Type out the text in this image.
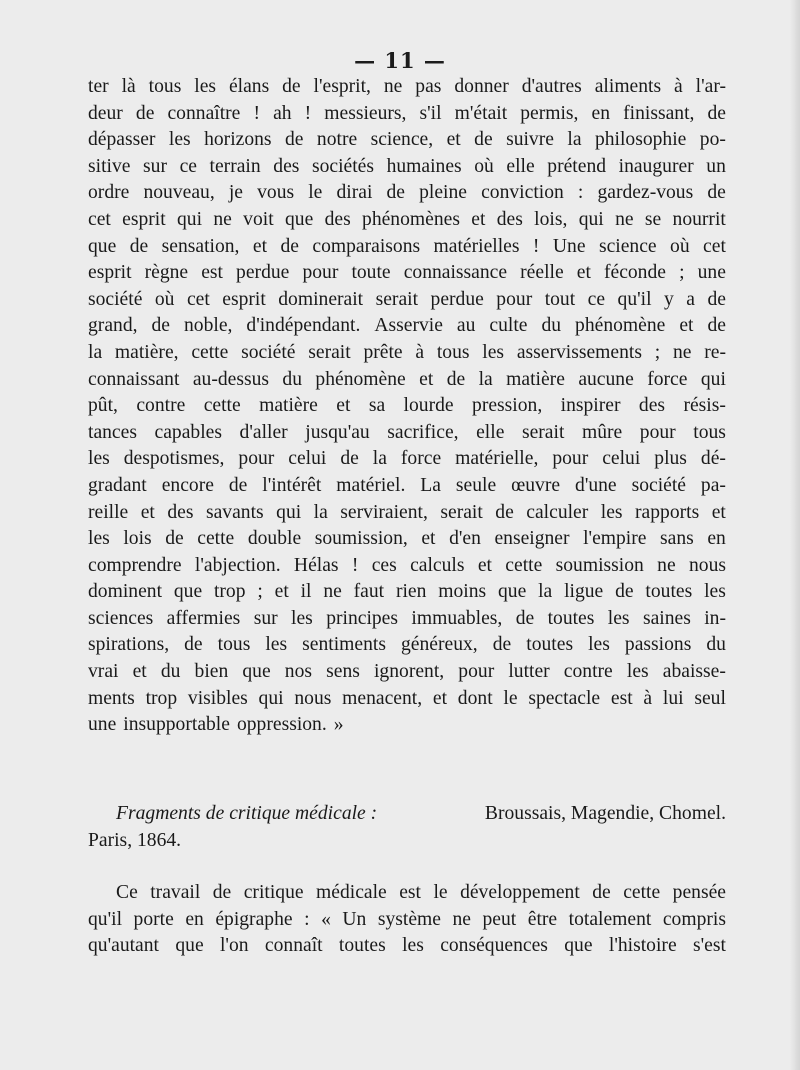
— 11 —
ter là tous les élans de l'esprit, ne pas donner d'autres aliments à l'ar-
deur de connaître ! ah ! messieurs, s'il m'était permis, en finissant, de
dépasser les horizons de notre science, et de suivre la philosophie po-
sitive sur ce terrain des sociétés humaines où elle prétend inaugurer un
ordre nouveau, je vous le dirai de pleine conviction : gardez-vous de
cet esprit qui ne voit que des phénomènes et des lois, qui ne se nourrit
que de sensation, et de comparaisons matérielles ! Une science où cet
esprit règne est perdue pour toute connaissance réelle et féconde ; une
société où cet esprit dominerait serait perdue pour tout ce qu'il y a de
grand, de noble, d'indépendant. Asservie au culte du phénomène et de
la matière, cette société serait prête à tous les asservissements ; ne re-
connaissant au-dessus du phénomène et de la matière aucune force qui
pût, contre cette matière et sa lourde pression, inspirer des résis-
tances capables d'aller jusqu'au sacrifice, elle serait mûre pour tous
les despotismes, pour celui de la force matérielle, pour celui plus dé-
gradant encore de l'intérêt matériel. La seule œuvre d'une société pa-
reille et des savants qui la serviraient, serait de calculer les rapports et
les lois de cette double soumission, et d'en enseigner l'empire sans en
comprendre l'abjection. Hélas ! ces calculs et cette soumission ne nous
dominent que trop ; et il ne faut rien moins que la ligue de toutes les
sciences affermies sur les principes immuables, de toutes les saines in-
spirations, de tous les sentiments généreux, de toutes les passions du
vrai et du bien que nos sens ignorent, pour lutter contre les abaisse-
ments trop visibles qui nous menacent, et dont le spectacle est à lui seul
une insupportable oppression. »
Fragments de critique médicale :	Broussais, Magendie, Chomel.
Paris, 1864.
Ce travail de critique médicale est le développement de cette pensée
qu'il porte en épigraphe : « Un système ne peut être totalement compris
qu'autant que l'on connaît toutes les conséquences que l'histoire s'est
